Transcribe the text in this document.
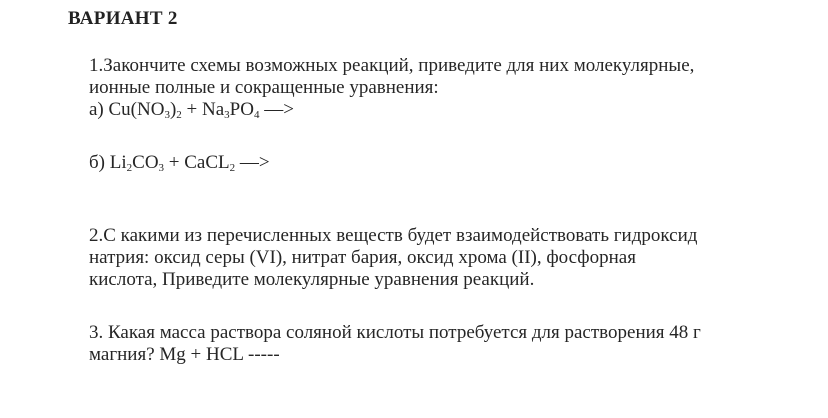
ВАРИАНТ 2
1.Закончите схемы возможных реакций, приведите для них молекулярные,
ионные полные и сокращенные уравнения:
а) $Cu(NO_3)_2 + Na_3PO_4$ —>
б) $Li_2CO_3$ + CaCL$_2$ —>
2.С какими из перечисленных веществ будет взаимодействовать гидроксид
натрия: оксид серы (VI), нитрат бария, оксид хрома (II), фосфорная
кислота, Приведите молекулярные уравнения реакций.
3. Какая масса раствора соляной кислоты потребуется для растворения 48 г
магния? Mg + HCL -----
